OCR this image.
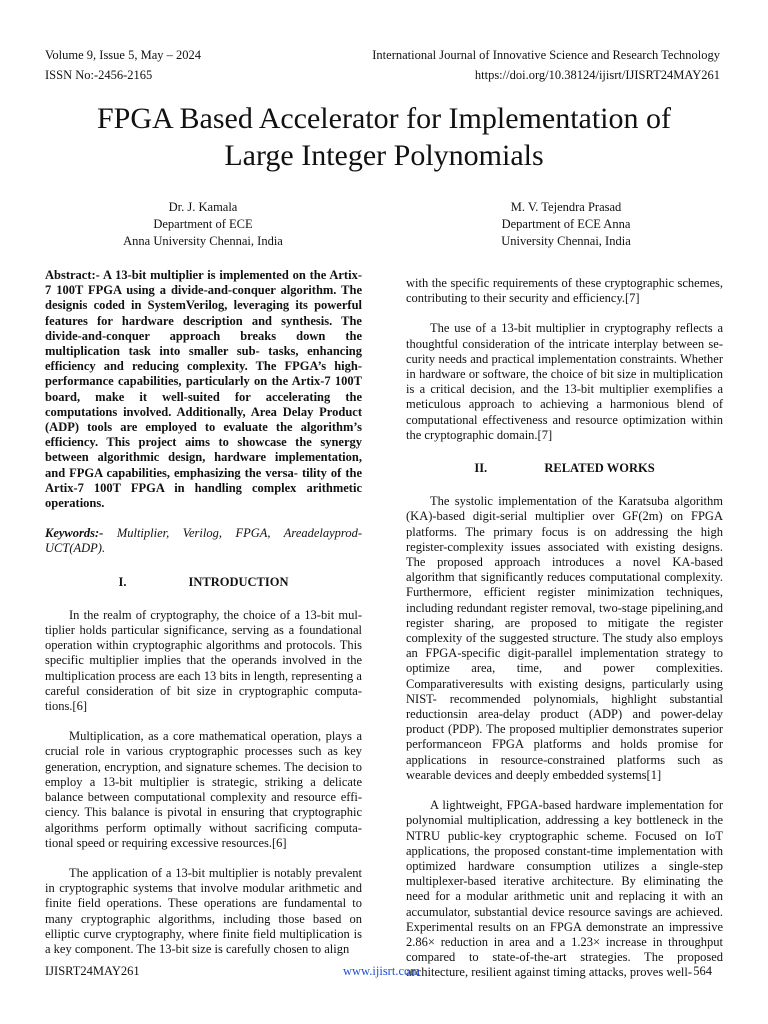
Volume 9, Issue 5, May – 2024
ISSN No:-2456-2165
International Journal of Innovative Science and Research Technology
https://doi.org/10.38124/ijisrt/IJISRT24MAY261
FPGA Based Accelerator for Implementation of
Large Integer Polynomials
Dr. J. Kamala
Department of ECE
Anna University Chennai, India
M. V. Tejendra Prasad
Department of ECE Anna
University Chennai, India

Abstract:- A 13-bit multiplier is implemented on the Artix-7 100T FPGA using a divide-and-conquer algorithm. The designis coded in SystemVerilog, leveraging its powerful features for hardware description and synthesis. The divide-and-conquer approach breaks down the multiplication task into smaller sub- tasks, enhancing efficiency and reducing complexity. The FPGA’s high-performance capabilities, particularly on the Artix-7 100T board, make it well-suited for accelerating the computations involved. Additionally, Area Delay Product (ADP) tools are employed to evaluate the algorithm’s efficiency. This project aims to showcase the synergy between algorithmic design, hardware implementation, and FPGA capabilities, emphasizing the versa- tility of the Artix-7 100T FPGA in handling complex arithmetic operations.

Keywords:- Multiplier, Verilog, FPGA, Areadelayprod- UCT(ADP).

I.	INTRODUCTION

In the realm of cryptography, the choice of a 13-bit mul- tiplier holds particular significance, serving as a foundational operation within cryptographic algorithms and protocols. This specific multiplier implies that the operands involved in the multiplication process are each 13 bits in length, representing a careful consideration of bit size in cryptographic computa- tions.[6]

Multiplication, as a core mathematical operation, plays a crucial role in various cryptographic processes such as key generation, encryption, and signature schemes. The decision to employ a 13-bit multiplier is strategic, striking a delicate balance between computational complexity and resource effi- ciency. This balance is pivotal in ensuring that cryptographic algorithms perform optimally without sacrificing computa- tional speed or requiring excessive resources.[6]

The application of a 13-bit multiplier is notably prevalent in cryptographic systems that involve modular arithmetic and finite field operations. These operations are fundamental to many cryptographic algorithms, including those based on elliptic curve cryptography, where finite field multiplication is a key component. The 13-bit size is carefully chosen to align

with the specific requirements of these cryptographic schemes, contributing to their security and efficiency.[7]

The use of a 13-bit multiplier in cryptography reflects a thoughtful consideration of the intricate interplay between se- curity needs and practical implementation constraints. Whether in hardware or software, the choice of bit size in multiplication is a critical decision, and the 13-bit multiplier exemplifies a meticulous approach to achieving a harmonious blend of computational effectiveness and resource optimization within the cryptographic domain.[7]

II.	RELATED WORKS

The systolic implementation of the Karatsuba algorithm (KA)-based digit-serial multiplier over GF(2m) on FPGA platforms. The primary focus is on addressing the high register-complexity issues associated with existing designs. The proposed approach introduces a novel KA-based algorithm that significantly reduces computational complexity. Furthermore, efficient register minimization techniques, including redundant register removal, two-stage pipelining,and register sharing, are proposed to mitigate the register complexity of the suggested structure. The study also employs an FPGA-specific digit-parallel implementation strategy to optimize area, time, and power complexities. Comparativeresults with existing designs, particularly using NIST- recommended polynomials, highlight substantial reductionsin area-delay product (ADP) and power-delay product (PDP). The proposed multiplier demonstrates superior performanceon FPGA platforms and holds promise for applications in resource-constrained platforms such as wearable devices and deeply embedded systems[1]

A lightweight, FPGA-based hardware implementation for polynomial multiplication, addressing a key bottleneck in the NTRU public-key cryptographic scheme. Focused on IoT applications, the proposed constant-time implementation with optimized hardware consumption utilizes a single-step multiplexer-based iterative architecture. By eliminating the need for a modular arithmetic unit and replacing it with an accumulator, substantial device resource savings are achieved. Experimental results on an FPGA demonstrate an impressive 2.86× reduction in area and a 1.23× increase in throughput compared to state-of-the-art strategies. The proposed architecture, resilient against timing attacks, proves well-

IJISRT24MAY261	www.ijisrt.com	564
